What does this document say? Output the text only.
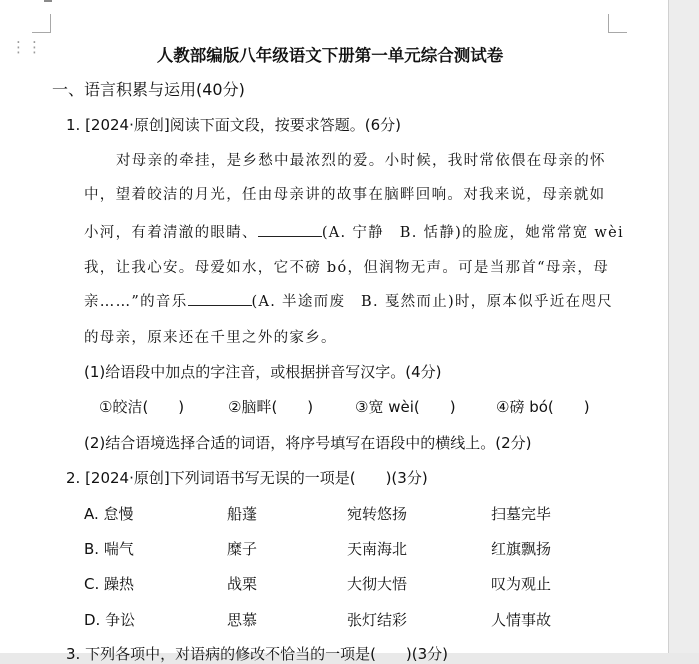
⋮⋮	人教部编版八年级语文下册第一单元综合测试卷
一、语言积累与运用(40分)
1. [2024·原创]阅读下面文段，按要求答题。(6分)
对母亲的牵挂，是乡愁中最浓烈的爱。小时候，我时常依偎在母亲的怀
中，望着皎洁的月光，任由母亲讲的故事在脑畔回响。对我来说，母亲就如
小河，有着清澈的眼睛、	(A. 宁静　B. 恬静)的脸庞，她常常宽 wèi
我，让我心安。母爱如水，它不磅 bó，但润物无声。可是当那首“母亲，母
亲……”的音乐	(A. 半途而废　B. 戛然而止)时，原本似乎近在咫尺
的母亲，原来还在千里之外的家乡。
(1)给语段中加点的字注音，或根据拼音写汉字。(4分)
①皎洁(　　)	②脑畔(　　)	③宽 wèi(　　)	④磅 bó(　　)
(2)结合语境选择合适的词语，将序号填写在语段中的横线上。(2分)
2. [2024·原创]下列词语书写无误的一项是(　　)(3分)
A. 怠慢	船蓬	宛转悠扬	扫墓完毕
B. 喘气	糜子	天南海北	红旗飘扬
C. 躁热	战栗	大彻大悟	叹为观止
D. 争讼	思慕	张灯结彩	人情事故
3. 下列各项中，对语病的修改不恰当的一项是(　　)(3分)
